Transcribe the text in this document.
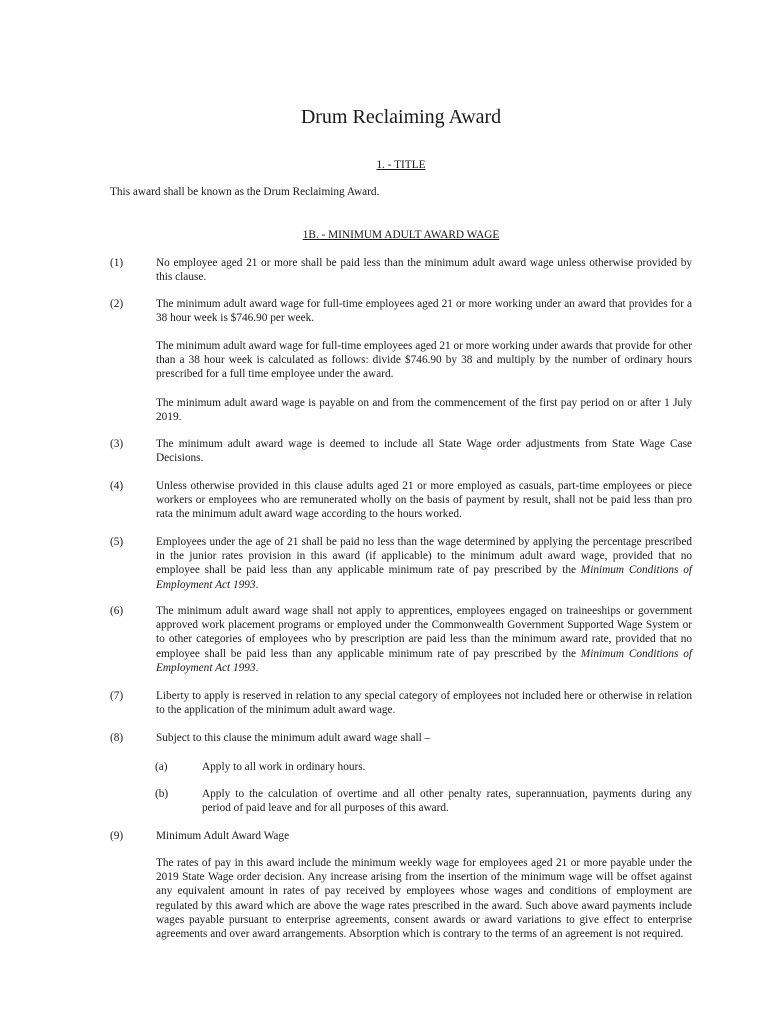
Drum Reclaiming Award
1. - TITLE
This award shall be known as the Drum Reclaiming Award.
1B. - MINIMUM ADULT AWARD WAGE
(1)	No employee aged 21 or more shall be paid less than the minimum adult award wage unless otherwise provided by this clause.
(2)	The minimum adult award wage for full-time employees aged 21 or more working under an award that provides for a 38 hour week is $746.90 per week.
The minimum adult award wage for full-time employees aged 21 or more working under awards that provide for other than a 38 hour week is calculated as follows: divide $746.90 by 38 and multiply by the number of ordinary hours prescribed for a full time employee under the award.
The minimum adult award wage is payable on and from the commencement of the first pay period on or after 1 July 2019.
(3)	The minimum adult award wage is deemed to include all State Wage order adjustments from State Wage Case Decisions.
(4)	Unless otherwise provided in this clause adults aged 21 or more employed as casuals, part-time employees or piece workers or employees who are remunerated wholly on the basis of payment by result, shall not be paid less than pro rata the minimum adult award wage according to the hours worked.
(5)	Employees under the age of 21 shall be paid no less than the wage determined by applying the percentage prescribed in the junior rates provision in this award (if applicable) to the minimum adult award wage, provided that no employee shall be paid less than any applicable minimum rate of pay prescribed by the Minimum Conditions of Employment Act 1993.
(6)	The minimum adult award wage shall not apply to apprentices, employees engaged on traineeships or government approved work placement programs or employed under the Commonwealth Government Supported Wage System or to other categories of employees who by prescription are paid less than the minimum award rate, provided that no employee shall be paid less than any applicable minimum rate of pay prescribed by the Minimum Conditions of Employment Act 1993.
(7)	Liberty to apply is reserved in relation to any special category of employees not included here or otherwise in relation to the application of the minimum adult award wage.
(8)	Subject to this clause the minimum adult award wage shall –
(a)	Apply to all work in ordinary hours.
(b)	Apply to the calculation of overtime and all other penalty rates, superannuation, payments during any period of paid leave and for all purposes of this award.
(9)	Minimum Adult Award Wage
The rates of pay in this award include the minimum weekly wage for employees aged 21 or more payable under the 2019 State Wage order decision. Any increase arising from the insertion of the minimum wage will be offset against any equivalent amount in rates of pay received by employees whose wages and conditions of employment are regulated by this award which are above the wage rates prescribed in the award. Such above award payments include wages payable pursuant to enterprise agreements, consent awards or award variations to give effect to enterprise agreements and over award arrangements. Absorption which is contrary to the terms of an agreement is not required.
